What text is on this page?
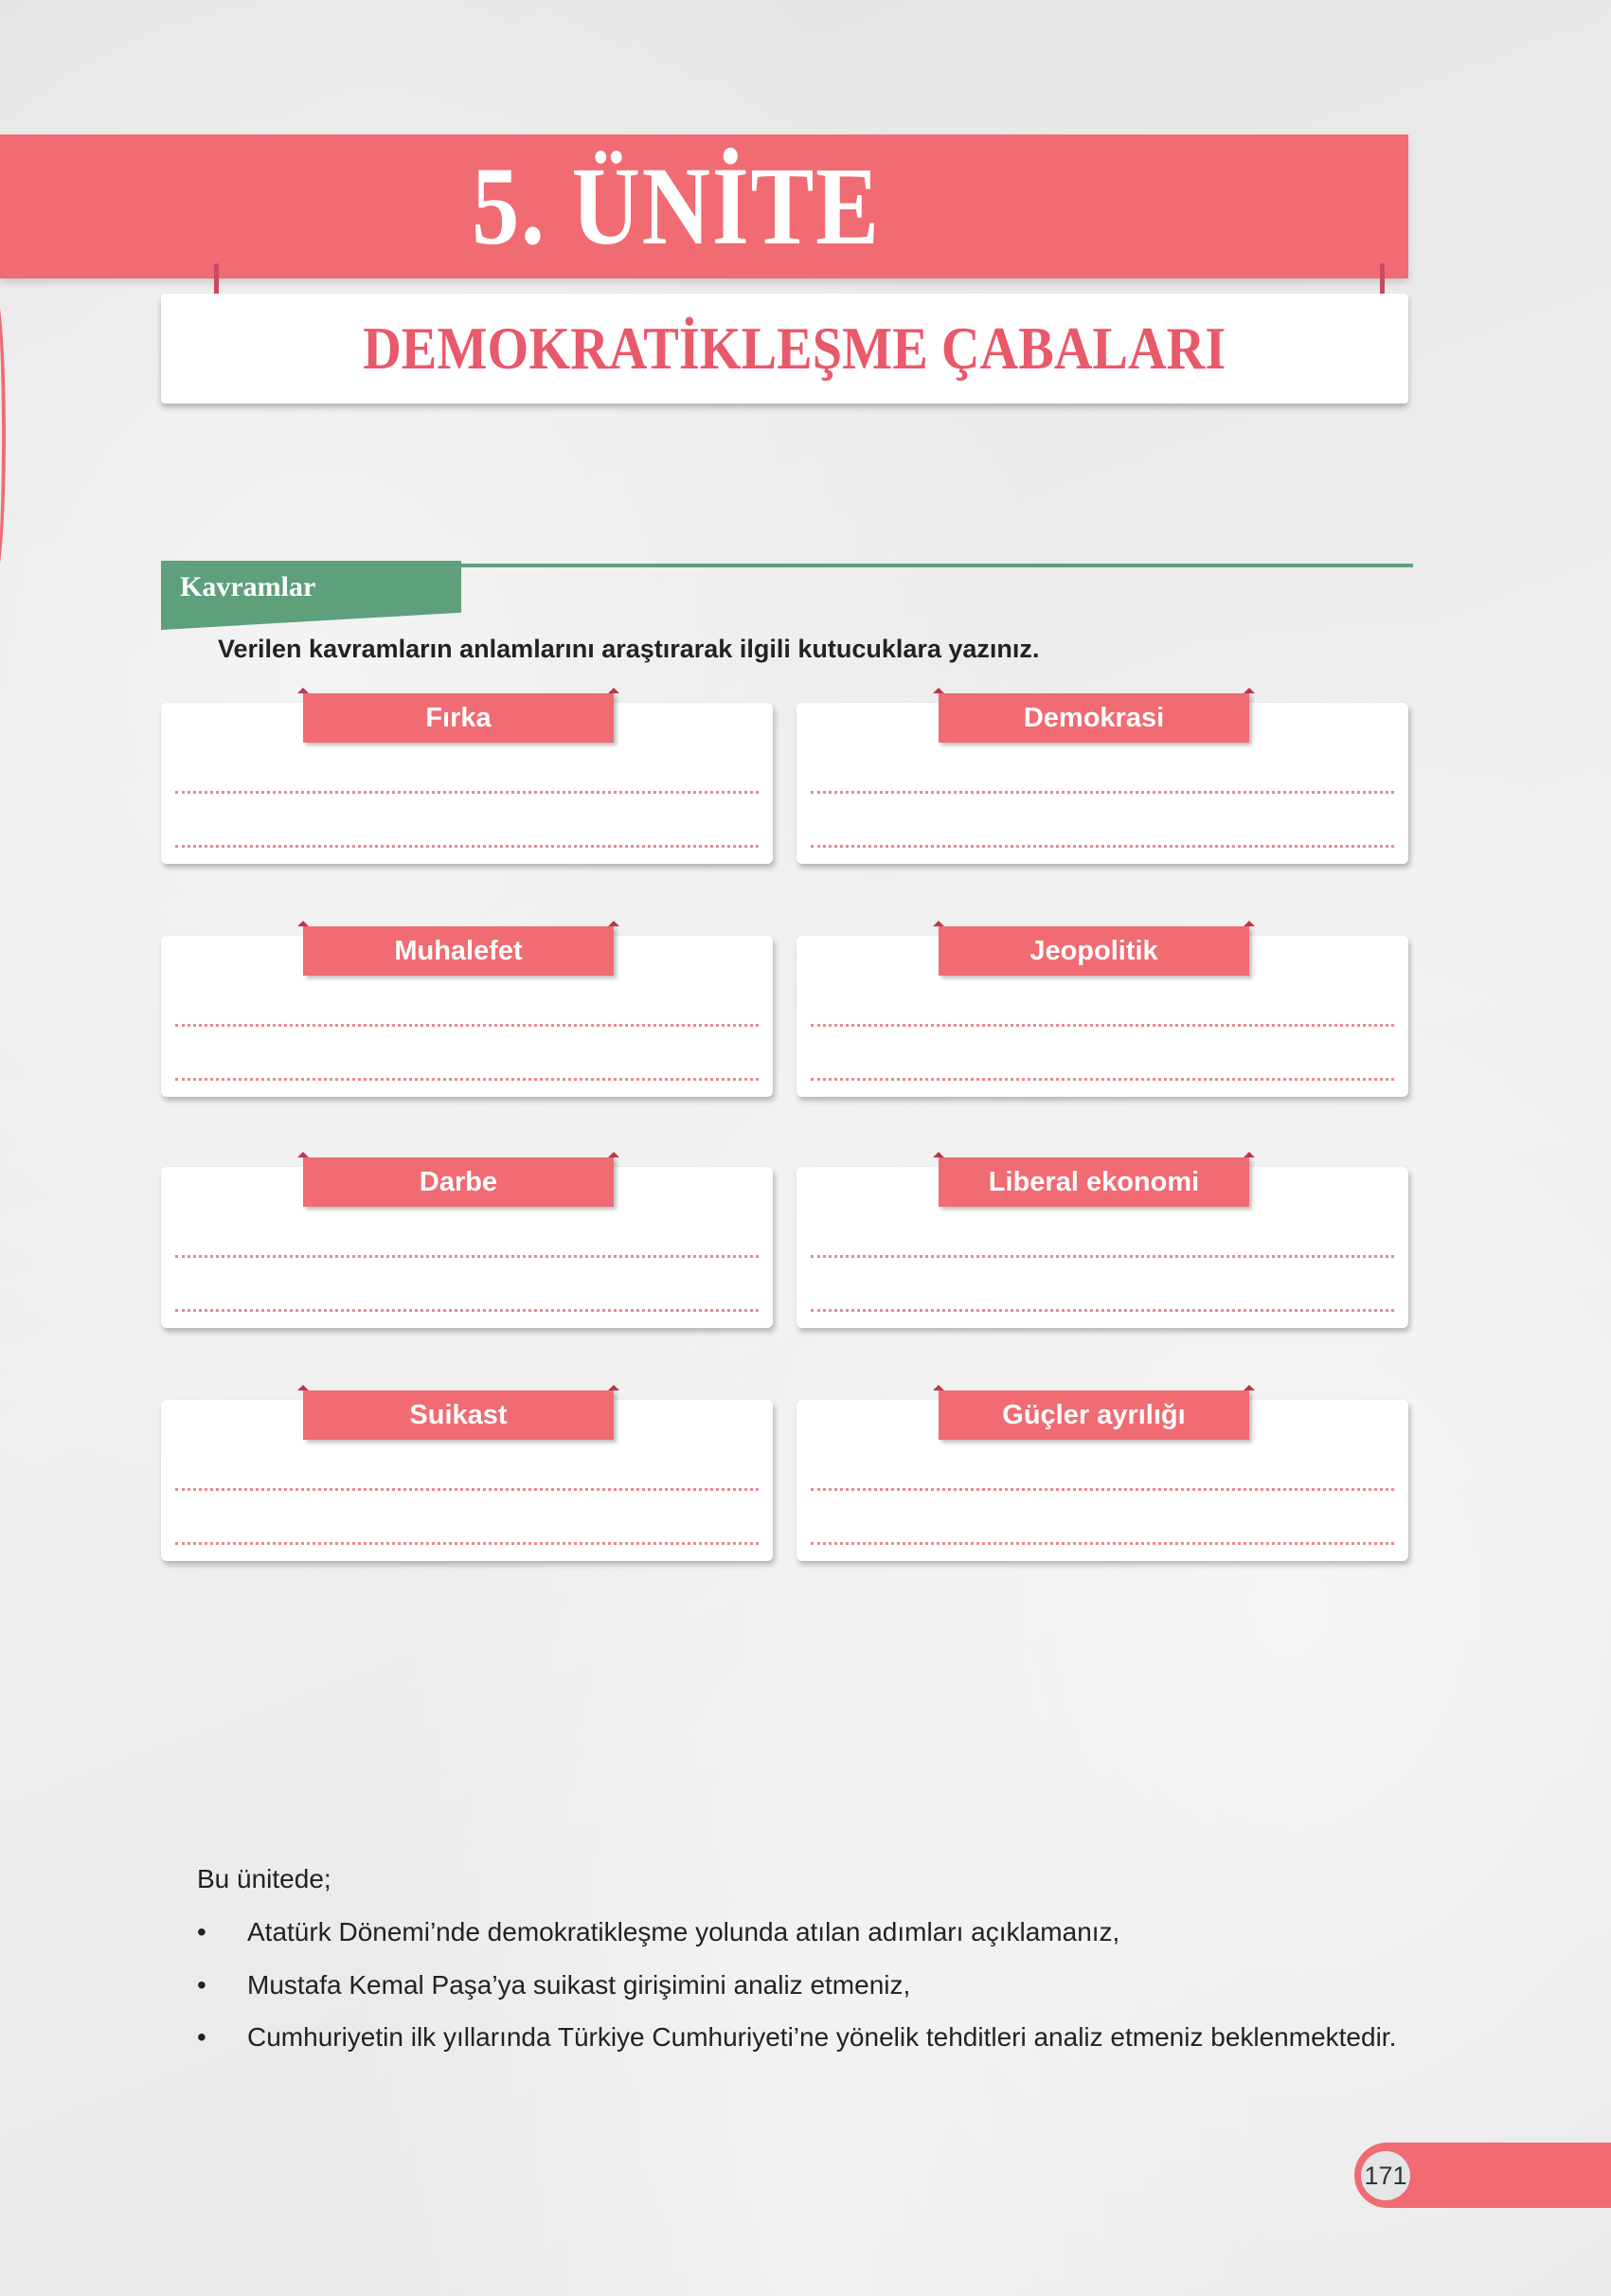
5. ÜNİTE
DEMOKRATİKLEŞME ÇABALARI
Kavramlar
Verilen kavramların anlamlarını araştırarak ilgili kutucuklara yazınız.
Fırka	Demokrasi
Muhalefet	Jeopolitik
Darbe	Liberal ekonomi
Suikast	Güçler ayrılığı
Bu ünitede;
• Atatürk Dönemi’nde demokratikleşme yolunda atılan adımları açıklamanız,
• Mustafa Kemal Paşa’ya suikast girişimini analiz etmeniz,
• Cumhuriyetin ilk yıllarında Türkiye Cumhuriyeti’ne yönelik tehditleri analiz etmeniz beklenmektedir.
171
